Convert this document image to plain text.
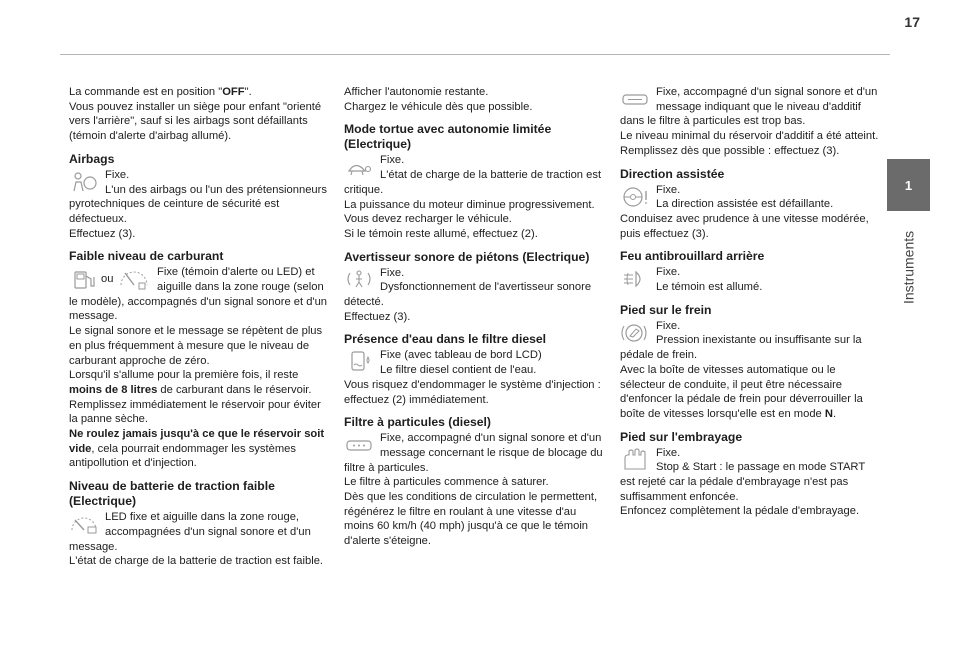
17
1
Instruments

La commande est en position "OFF".

Vous pouvez installer un siège pour enfant "orienté vers l'arrière", sauf si les airbags sont défaillants (témoin d'alerte d'airbag allumé).

Airbags

Fixe.

L'un des airbags ou l'un des prétensionneurs pyrotechniques de ceinture de sécurité est défectueux.

Effectuez (3).

Faible niveau de carburant
ou

Fixe (témoin d'alerte ou LED) et aiguille dans la zone rouge (selon le modèle), accompagnés d'un signal sonore et d'un message.

Le signal sonore et le message se répètent de plus en plus fréquemment à mesure que le niveau de carburant approche de zéro.

Lorsqu'il s'allume pour la première fois, il reste moins de 8 litres de carburant dans le réservoir.

Remplissez immédiatement le réservoir pour éviter la panne sèche.

Ne roulez jamais jusqu'à ce que le réservoir soit vide, cela pourrait endommager les systèmes antipollution et d'injection.

Niveau de batterie de traction faible (Electrique)

LED fixe et aiguille dans la zone rouge, accompagnées d'un signal sonore et d'un message.

L'état de charge de la batterie de traction est faible.

Afficher l'autonomie restante.

Chargez le véhicule dès que possible.

Mode tortue avec autonomie limitée (Electrique)

Fixe.

L'état de charge de la batterie de traction est critique.

La puissance du moteur diminue progressivement.

Vous devez recharger le véhicule.

Si le témoin reste allumé, effectuez (2).

Avertisseur sonore de piétons (Electrique)

Fixe.

Dysfonctionnement de l'avertisseur sonore détecté.

Effectuez (3).

Présence d'eau dans le filtre diesel

Fixe (avec tableau de bord LCD)

Le filtre diesel contient de l'eau.

Vous risquez d'endommager le système d'injection : effectuez (2) immédiatement.

Filtre à particules (diesel)

Fixe, accompagné d'un signal sonore et d'un message concernant le risque de blocage du filtre à particules.

Le filtre à particules commence à saturer.

Dès que les conditions de circulation le permettent, régénérez le filtre en roulant à une vitesse d'au moins 60 km/h (40 mph) jusqu'à ce que le témoin d'alerte s'éteigne.

Fixe, accompagné d'un signal sonore et d'un message indiquant que le niveau d'additif dans le filtre à particules est trop bas.

Le niveau minimal du réservoir d'additif a été atteint.

Remplissez dès que possible : effectuez (3).

Direction assistée

Fixe.

La direction assistée est défaillante.

Conduisez avec prudence à une vitesse modérée, puis effectuez (3).

Feu antibrouillard arrière

Fixe.

Le témoin est allumé.

Pied sur le frein

Fixe.

Pression inexistante ou insuffisante sur la pédale de frein.

Avec la boîte de vitesses automatique ou le sélecteur de conduite, il peut être nécessaire d'enfoncer la pédale de frein pour déverrouiller la boîte de vitesses lorsqu'elle est en mode N.

Pied sur l'embrayage

Fixe.

Stop & Start : le passage en mode START est rejeté car la pédale d'embrayage n'est pas suffisamment enfoncée.

Enfoncez complètement la pédale d'embrayage.
